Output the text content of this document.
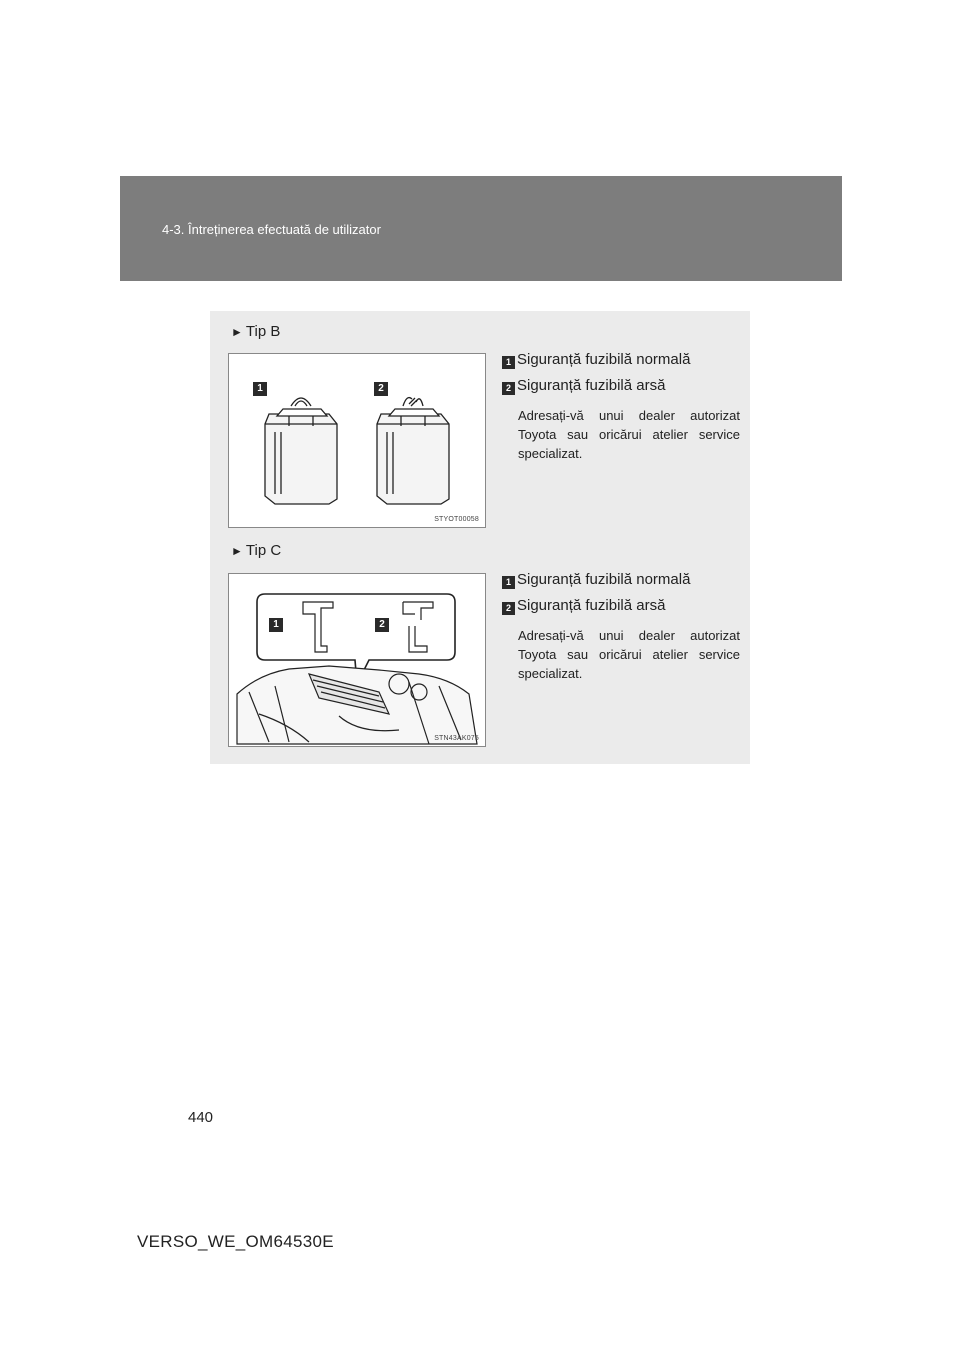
4-3. Întreținerea efectuată de utilizator
► Tip B
1	2
STYOT00058
1 Siguranță fuzibilă normală
2 Siguranță fuzibilă arsă
Adresați-vă unui dealer autorizat Toyota sau oricărui atelier service specializat.
► Tip C
1	2
STN43AK075
1 Siguranță fuzibilă normală
2 Siguranță fuzibilă arsă
Adresați-vă unui dealer autorizat Toyota sau oricărui atelier service specializat.
440
VERSO_WE_OM64530E
